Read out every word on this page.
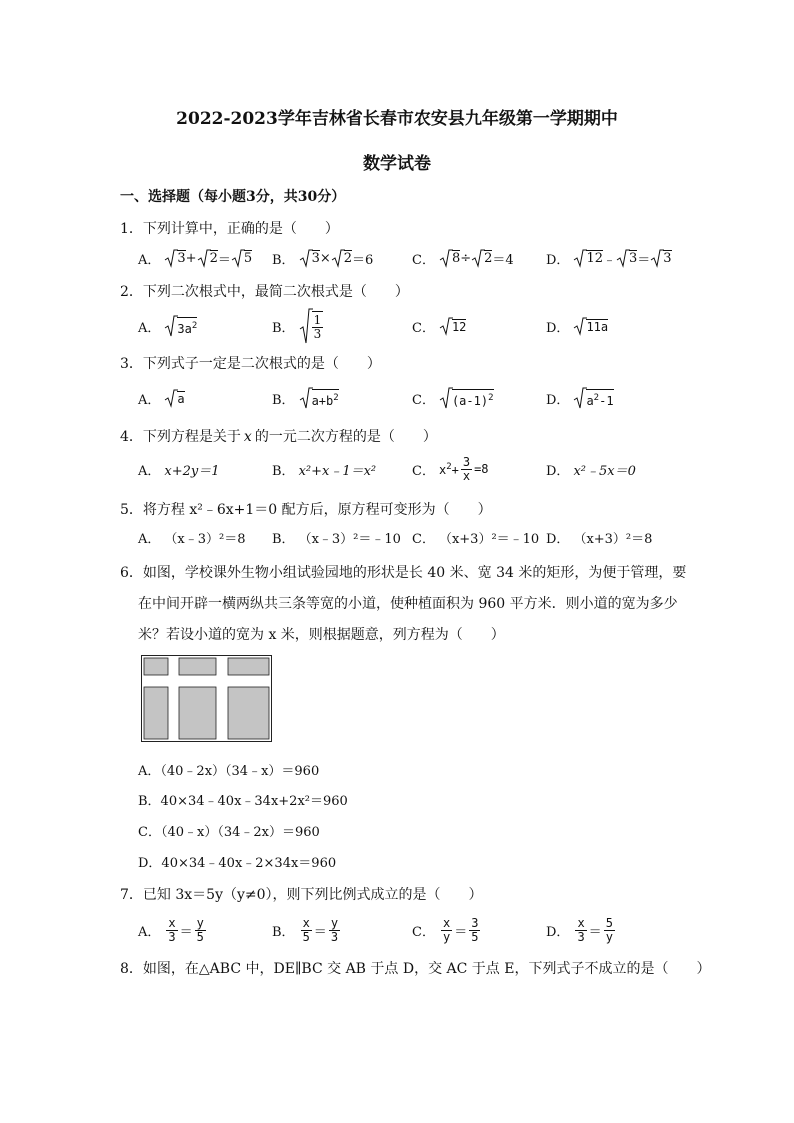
2022-2023学年吉林省长春市农安县九年级第一学期期中
数学试卷
一、选择题（每小题3分，共30分）
1．下列计算中，正确的是（　　）
A． 3 + 2 ＝ 5 B． 3 × 2 ＝6	C． 8 ÷ 2 ＝4 D． 12 ﹣ 3 ＝ 3
2．下列二次根式中，最简二次根式是（　　）
A． $3a^2$	B． $\frac{1}{3}$	C． 12	D． 11a
3．下列式子一定是二次根式的是（　　）
A． a	B． $a+b^2$	C． $(a-1)^2$	D． $a^2-1$
4．下列方程是关于 x 的一元二次方程的是（　　）
A． x+2y＝1	B． x²+x﹣1＝x²	C． $x^2+ \frac{3}{x} =8$	D． x²﹣5x＝0
5．将方程 x²﹣6x+1＝0 配方后，原方程可变形为（　　）
A． （x﹣3）²＝8 B． （x﹣3）²＝﹣10 C． （x+3）²＝﹣10 D． （x+3）²＝8
6．如图，学校课外生物小组试验园地的形状是长 40 米、宽 34 米的矩形，为便于管理，要
在中间开辟一横两纵共三条等宽的小道，使种植面积为 960 平方米．则小道的宽为多少
米？若设小道的宽为 x 米，则根据题意，列方程为（　　）
A．（40﹣2x）（34﹣x）＝960
B．40×34﹣40x﹣34x+2x²＝960
C．（40﹣x）（34﹣2x）＝960
D．40×34﹣40x﹣2×34x＝960
7．已知 3x＝5y（y≠0），则下列比例式成立的是（　　）
A． $\frac{x}{3} = \frac{y}{5}$	B． $\frac{x}{5} = \frac{y}{3}$	C． $\frac{x}{y} = \frac{3}{5}$	D． $\frac{x}{3} = \frac{5}{y}$
8．如图，在△ABC 中，DE∥BC 交 AB 于点 D，交 AC 于点 E，下列式子不成立的是（　　）
